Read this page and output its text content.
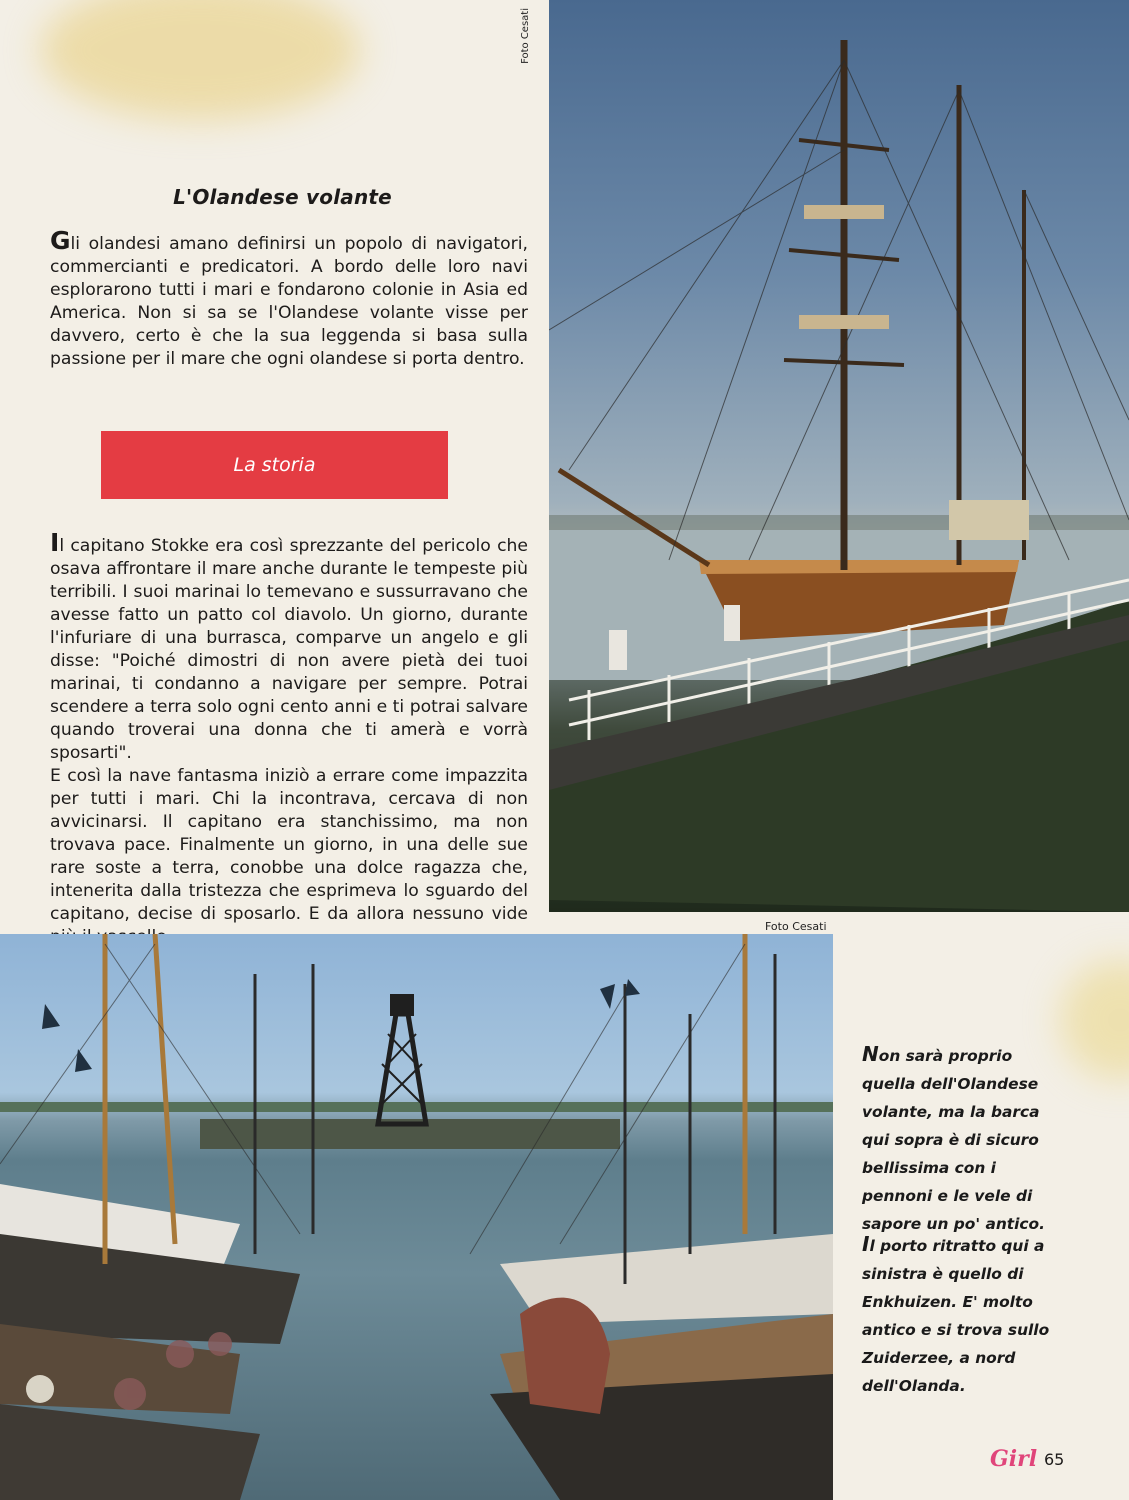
Foto Cesati
L'Olandese volante

Gli olandesi amano definirsi un popolo di navigatori, commercianti e predicatori. A bordo delle loro navi esplorarono tutti i mari e fondarono colonie in Asia ed America. Non si sa se l'Olandese volante visse per davvero, certo è che la sua leggenda si basa sulla passione per il mare che ogni olandese si porta dentro.

La storia

Il capitano Stokke era così sprezzante del pericolo che osava affrontare il mare anche durante le tempeste più terribili. I suoi marinai lo temevano e sussurravano che avesse fatto un patto col diavolo. Un giorno, durante l'infuriare di una burrasca, comparve un angelo e gli disse: "Poiché dimostri di non avere pietà dei tuoi marinai, ti condanno a navigare per sempre. Potrai scendere a terra solo ogni cento anni e ti potrai salvare quando troverai una donna che ti amerà e vorrà sposarti".

E così la nave fantasma iniziò a errare come impazzita per tutti i mari. Chi la incontrava, cercava di non avvicinarsi. Il capitano era stanchissimo, ma non trovava pace. Finalmente un giorno, in una delle sue rare soste a terra, conobbe una dolce ragazza che, intenerita dalla tristezza che esprimeva lo sguardo del capitano, decise di sposarlo. E da allora nessuno vide

Foto Cesati

Non sarà proprio quella dell'Olandese volante, ma la barca qui sopra è di sicuro bellissima con i pennoni e le vele di sapore un po' antico.

Il porto ritratto qui a sinistra è quello di Enkhuizen. E' molto antico e si trova sullo Zuiderzee, a nord dell'Olanda.

Girl 65
